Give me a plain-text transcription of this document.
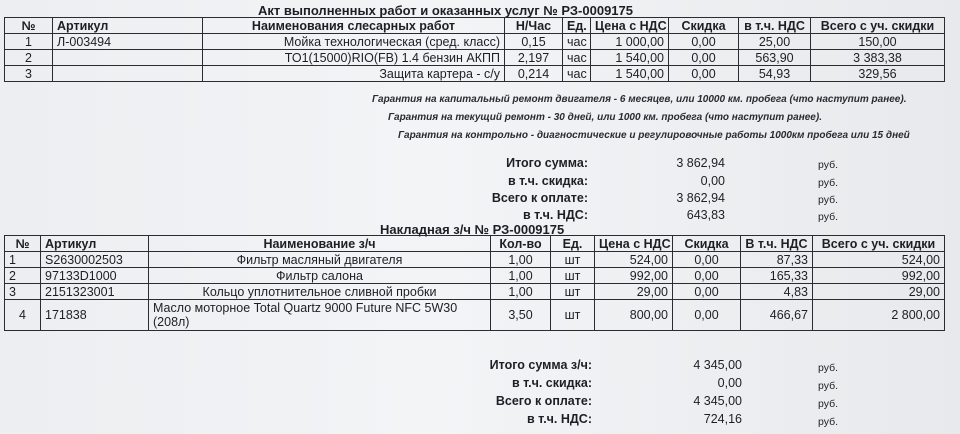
Акт выполненных работ и оказанных услуг № РЗ-0009175
№	Артикул	Наименования слесарных работ	Н/Час	Ед.	Цена с НДС	Скидка	в т.ч. НДС	Всего с уч. скидки
1	Л-003494	Мойка технологическая (сред. класс)	0,15	час	1 000,00	0,00	25,00	150,00
2		ТО1(15000)RIO(FB) 1.4 бензин АКПП	2,197	час	1 540,00	0,00	563,90	3 383,38
3		Защита картера - с/у	0,214	час	1 540,00	0,00	54,93	329,56
Гарантия на капитальный ремонт двигателя - 6 месяцев, или 10000 км. пробега (что наступит ранее).
Гарантия на текущий ремонт - 30 дней, или 1000 км. пробега (что наступит ранее).
Гарантия на контрольно - диагностические и регулировочные работы 1000км пробега или 15 дней
Итого сумма:	3 862,94	руб.
в т.ч. скидка:	0,00	руб.
Всего к оплате:	3 862,94	руб.
в т.ч. НДС:	643,83	руб.
Накладная з/ч № РЗ-0009175
№	Артикул	Наименование з/ч	Кол-во	Ед.	Цена с НДС	Скидка	В т.ч. НДС	Всего с уч. скидки
1	S2630002503	Фильтр масляный двигателя	1,00	шт	524,00	0,00	87,33	524,00
2	97133D1000	Фильтр салона	1,00	шт	992,00	0,00	165,33	992,00
3	2151323001	Кольцо уплотнительное сливной пробки	1,00	шт	29,00	0,00	4,83	29,00
4	171838	Масло моторное Total Quartz 9000 Future NFC 5W30 (208л)	3,50	шт	800,00	0,00	466,67	2 800,00
Итого сумма з/ч:	4 345,00	руб.
в т.ч. скидка:	0,00	руб.
Всего к оплате:	4 345,00	руб.
в т.ч. НДС:	724,16	руб.
